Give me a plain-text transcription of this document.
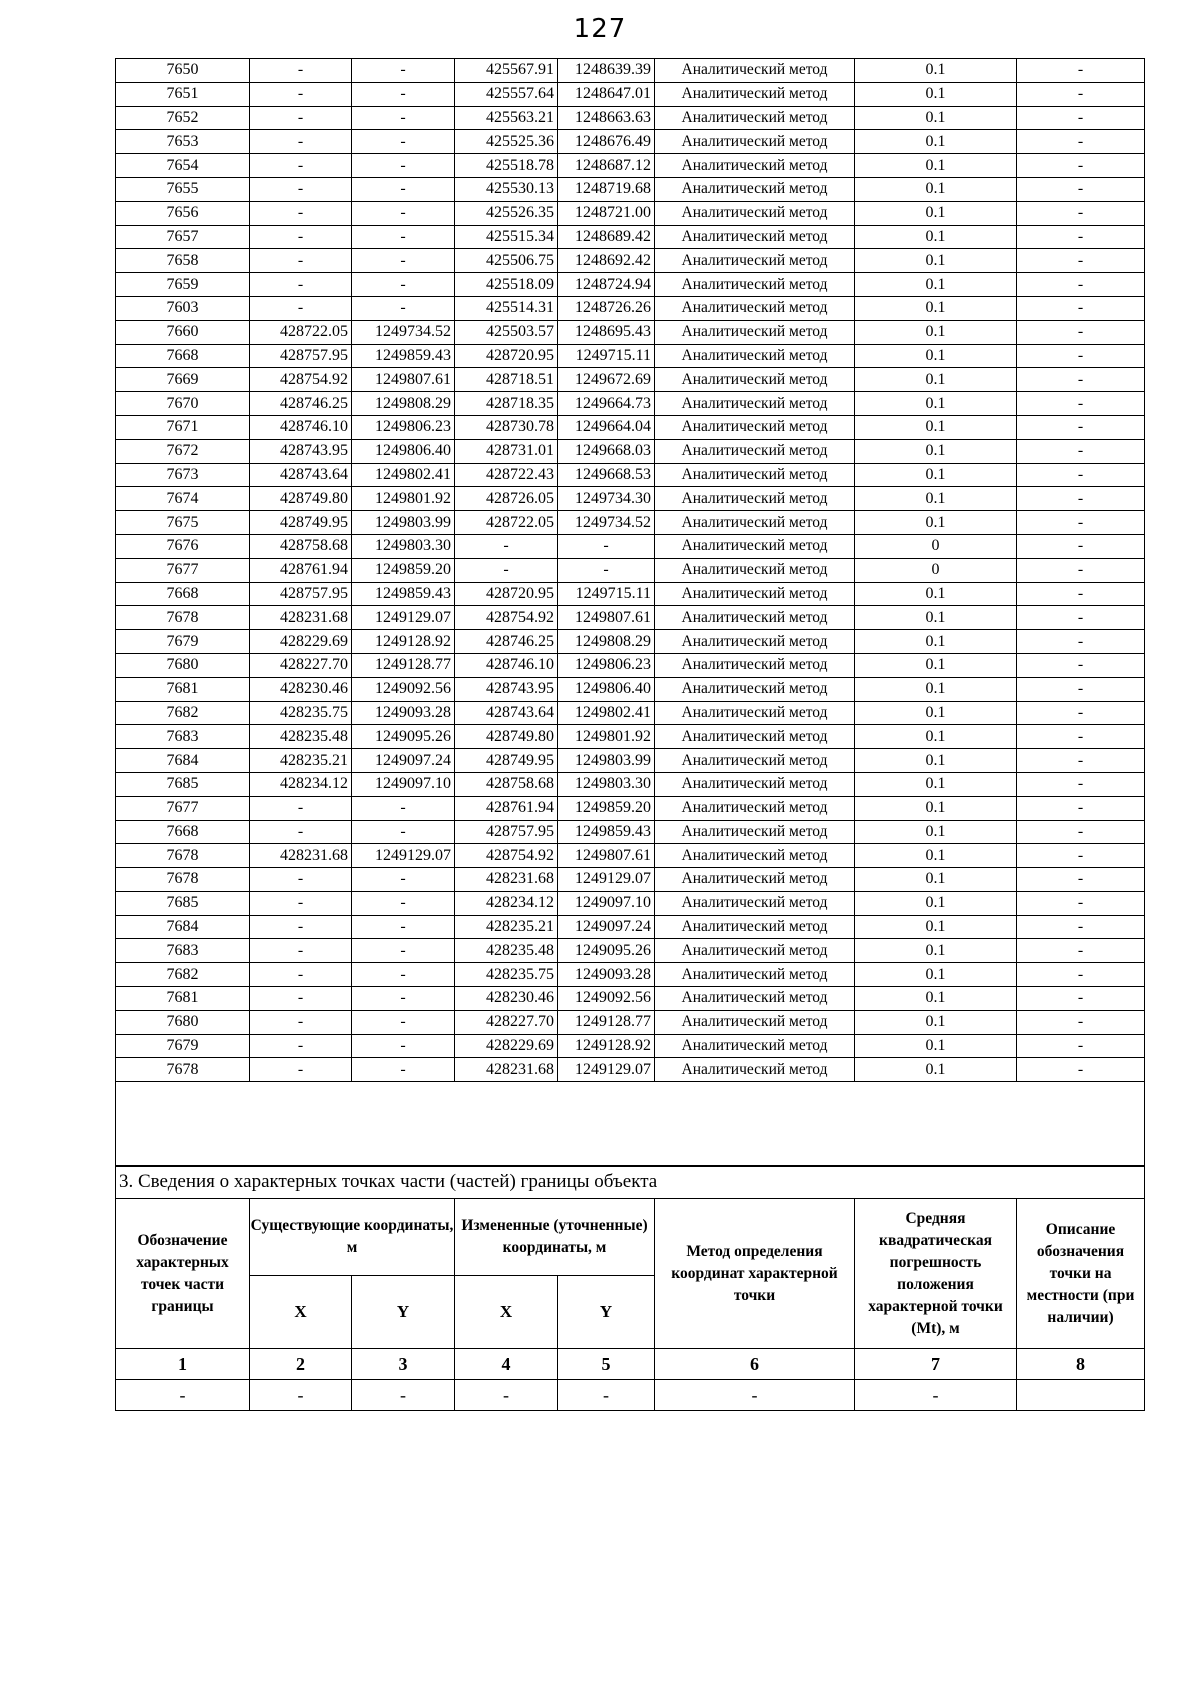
127
7650	-	-	425567.91	1248639.39	Аналитический метод	0.1	-
7651	-	-	425557.64	1248647.01	Аналитический метод	0.1	-
7652	-	-	425563.21	1248663.63	Аналитический метод	0.1	-
7653	-	-	425525.36	1248676.49	Аналитический метод	0.1	-
7654	-	-	425518.78	1248687.12	Аналитический метод	0.1	-
7655	-	-	425530.13	1248719.68	Аналитический метод	0.1	-
7656	-	-	425526.35	1248721.00	Аналитический метод	0.1	-
7657	-	-	425515.34	1248689.42	Аналитический метод	0.1	-
7658	-	-	425506.75	1248692.42	Аналитический метод	0.1	-
7659	-	-	425518.09	1248724.94	Аналитический метод	0.1	-
7603	-	-	425514.31	1248726.26	Аналитический метод	0.1	-
7660	428722.05	1249734.52	425503.57	1248695.43	Аналитический метод	0.1	-
7668	428757.95	1249859.43	428720.95	1249715.11	Аналитический метод	0.1	-
7669	428754.92	1249807.61	428718.51	1249672.69	Аналитический метод	0.1	-
7670	428746.25	1249808.29	428718.35	1249664.73	Аналитический метод	0.1	-
7671	428746.10	1249806.23	428730.78	1249664.04	Аналитический метод	0.1	-
7672	428743.95	1249806.40	428731.01	1249668.03	Аналитический метод	0.1	-
7673	428743.64	1249802.41	428722.43	1249668.53	Аналитический метод	0.1	-
7674	428749.80	1249801.92	428726.05	1249734.30	Аналитический метод	0.1	-
7675	428749.95	1249803.99	428722.05	1249734.52	Аналитический метод	0.1	-
7676	428758.68	1249803.30	-	-	Аналитический метод	0	-
7677	428761.94	1249859.20	-	-	Аналитический метод	0	-
7668	428757.95	1249859.43	428720.95	1249715.11	Аналитический метод	0.1	-
7678	428231.68	1249129.07	428754.92	1249807.61	Аналитический метод	0.1	-
7679	428229.69	1249128.92	428746.25	1249808.29	Аналитический метод	0.1	-
7680	428227.70	1249128.77	428746.10	1249806.23	Аналитический метод	0.1	-
7681	428230.46	1249092.56	428743.95	1249806.40	Аналитический метод	0.1	-
7682	428235.75	1249093.28	428743.64	1249802.41	Аналитический метод	0.1	-
7683	428235.48	1249095.26	428749.80	1249801.92	Аналитический метод	0.1	-
7684	428235.21	1249097.24	428749.95	1249803.99	Аналитический метод	0.1	-
7685	428234.12	1249097.10	428758.68	1249803.30	Аналитический метод	0.1	-
7677	-	-	428761.94	1249859.20	Аналитический метод	0.1	-
7668	-	-	428757.95	1249859.43	Аналитический метод	0.1	-
7678	428231.68	1249129.07	428754.92	1249807.61	Аналитический метод	0.1	-
7678	-	-	428231.68	1249129.07	Аналитический метод	0.1	-
7685	-	-	428234.12	1249097.10	Аналитический метод	0.1	-
7684	-	-	428235.21	1249097.24	Аналитический метод	0.1	-
7683	-	-	428235.48	1249095.26	Аналитический метод	0.1	-
7682	-	-	428235.75	1249093.28	Аналитический метод	0.1	-
7681	-	-	428230.46	1249092.56	Аналитический метод	0.1	-
7680	-	-	428227.70	1249128.77	Аналитический метод	0.1	-
7679	-	-	428229.69	1249128.92	Аналитический метод	0.1	-
7678	-	-	428231.68	1249129.07	Аналитический метод	0.1	-

3. Сведения о характерных точках части (частей) границы объекта							
Обозначение характерных точек части границы	Существующие координаты, м		Измененные (уточненные) координаты, м		Метод определения координат характерной точки	Средняя квадратическая погрешность положения характерной точки (Mt), м	Описание обозначения точки на местности (при наличии)
	X	Y	X	Y			
1	2	3	4	5	6	7	8
-	-	-	-	-	-	-	
